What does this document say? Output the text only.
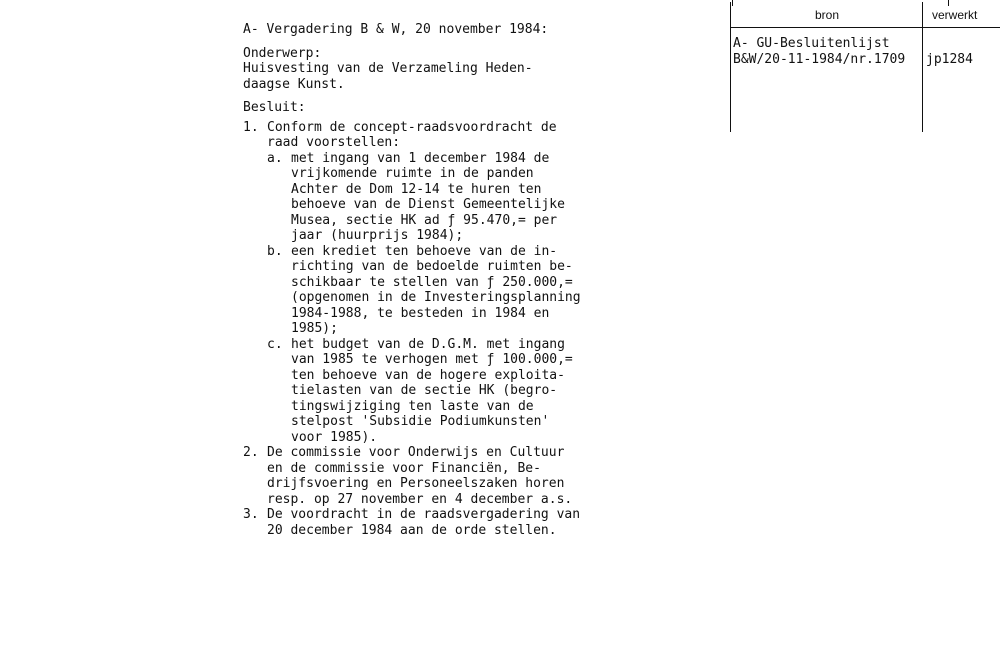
A- Vergadering B & W, 20 november 1984:
Onderwerp:
Huisvesting van de Verzameling Heden-
daagse Kunst.
Besluit:
1. Conform de concept-raadsvoordracht de
raad voorstellen:
a. met ingang van 1 december 1984 de
vrijkomende ruimte in de panden
Achter de Dom 12-14 te huren ten
behoeve van de Dienst Gemeentelijke
Musea, sectie HK ad ƒ 95.470,= per
jaar (huurprijs 1984);
b. een krediet ten behoeve van de in-
richting van de bedoelde ruimten be-
schikbaar te stellen van ƒ 250.000,=
(opgenomen in de Investeringsplanning
1984-1988, te besteden in 1984 en
1985);
c. het budget van de D.G.M. met ingang
van 1985 te verhogen met ƒ 100.000,=
ten behoeve van de hogere exploita-
tielasten van de sectie HK (begro-
tingswijziging ten laste van de
stelpost 'Subsidie Podiumkunsten'
voor 1985).
2. De commissie voor Onderwijs en Cultuur
en de commissie voor Financiën, Be-
drijfsvoering en Personeelszaken horen
resp. op 27 november en 4 december a.s.
3. De voordracht in de raadsvergadering van
20 december 1984 aan de orde stellen.
bron	verwerkt
A- GU-Besluitenlijst
B&W/20-11-1984/nr.1709 jp1284
